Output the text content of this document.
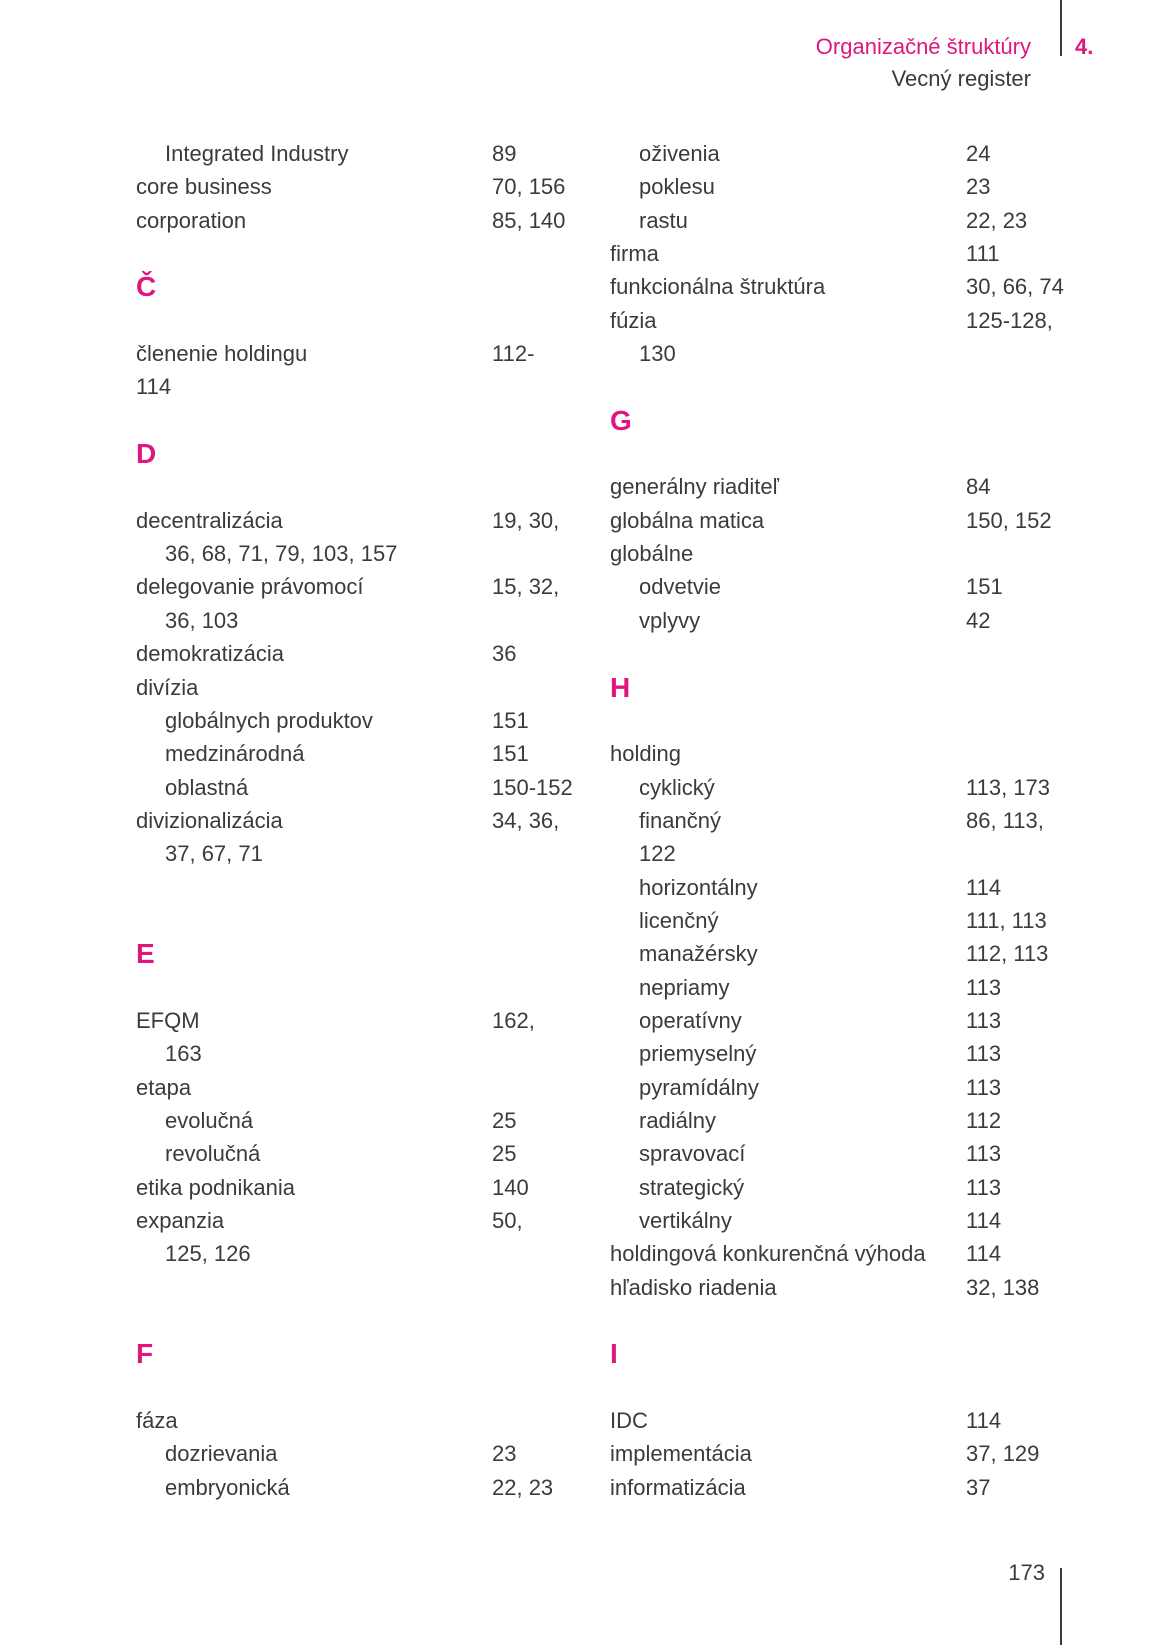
Organizačné štruktúry
Vecný register
4.
Integrated Industry	89
core business	70, 156
corporation	85, 140
Č
členenie holdingu	112-
114
D
decentralizácia	19, 30,
36, 68, 71, 79, 103, 157
delegovanie právomocí	15, 32,
36, 103
demokratizácia	36
divízia
globálnych produktov	151
medzinárodná	151
oblastná	150-152
divizionalizácia	34, 36,
37, 67, 71
E
EFQM	162,
163
etapa
evolučná	25
revolučná	25
etika podnikania	140
expanzia	50,
125, 126
F
fáza
dozrievania	23
embryonická	22, 23
oživenia	24
poklesu	23
rastu	22, 23
firma	111
funkcionálna štruktúra	30, 66, 74
fúzia	125-128,
130
G
generálny riaditeľ	84
globálna matica	150, 152
globálne
odvetvie	151
vplyvy	42
H
holding
cyklický	113, 173
finančný	86, 113,
122
horizontálny	114
licenčný	111, 113
manažérsky	112, 113
nepriamy	113
operatívny	113
priemyselný	113
pyramídálny	113
radiálny	112
spravovací	113
strategický	113
vertikálny	114
holdingová konkurenčná výhoda 114
hľadisko riadenia	32, 138
I
IDC	114
implementácia	37, 129
informatizácia	37
173
